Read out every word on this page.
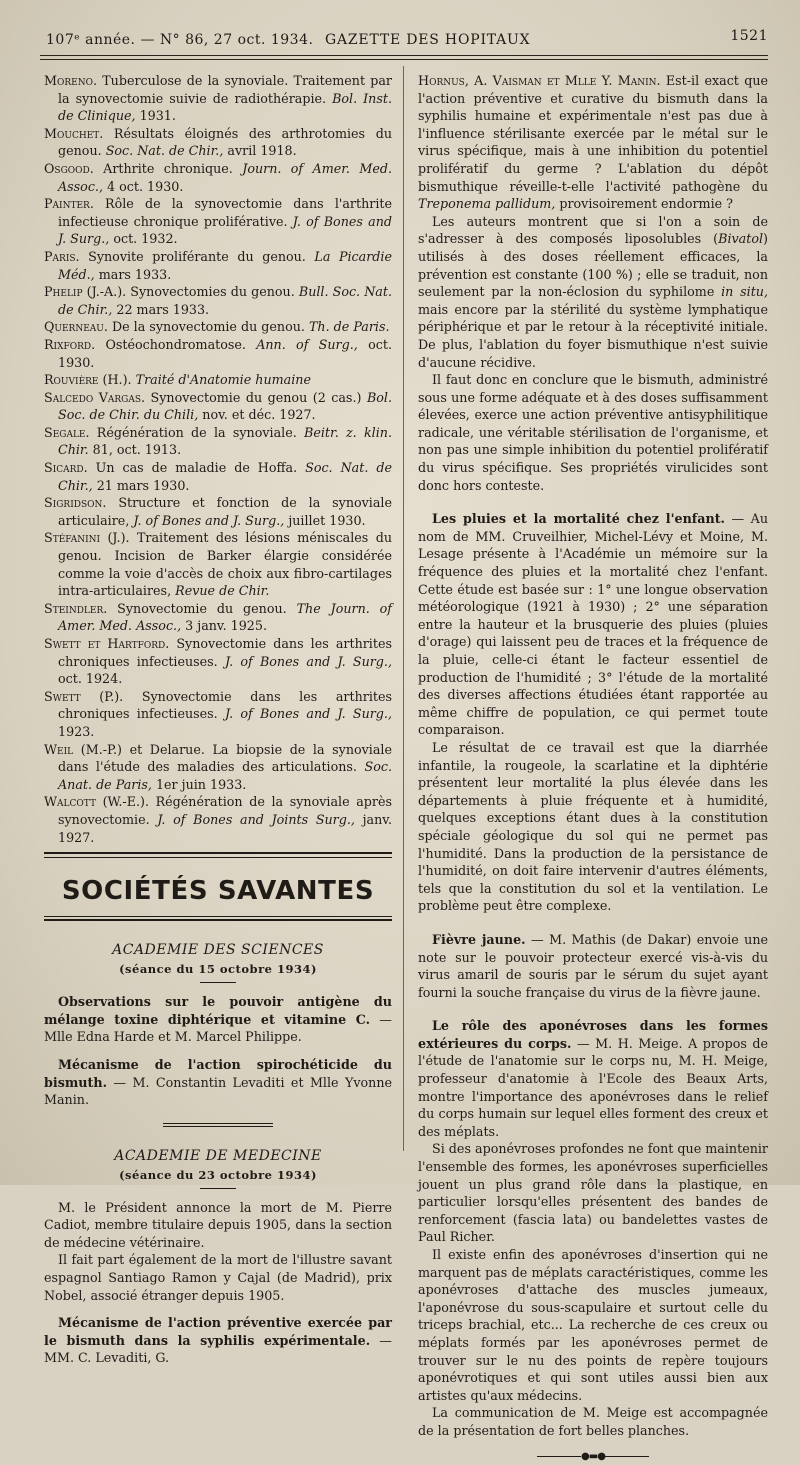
107ᵉ année. — N° 86, 27 oct. 1934. GAZETTE DES HOPITAUX	1521

Moreno. Tuberculose de la synoviale. Traitement par la synovectomie suivie de radiothérapie. Bol. Inst. de Clinique, 1931.

Mouchet. Résultats éloignés des arthrotomies du genou. Soc. Nat. de Chir., avril 1918.

Osgood. Arthrite chronique. Journ. of Amer. Med. Assoc., 4 oct. 1930.

Painter. Rôle de la synovectomie dans l'arthrite infectieuse chronique proliférative. J. of Bones and J. Surg., oct. 1932.

Paris. Synovite proliférante du genou. La Picardie Méd., mars 1933.

Phelip (J.-A.). Synovectomies du genou. Bull. Soc. Nat. de Chir., 22 mars 1933.

Querneau. De la synovectomie du genou. Th. de Paris.

Rixford. Ostéochondromatose. Ann. of Surg., oct. 1930.

Rouvière (H.). Traité d'Anatomie humaine

Salcedo Vargas. Synovectomie du genou (2 cas.) Bol. Soc. de Chir. du Chili, nov. et déc. 1927.

Segale. Régénération de la synoviale. Beitr. z. klin. Chir. 81, oct. 1913.

Sicard. Un cas de maladie de Hoffa. Soc. Nat. de Chir., 21 mars 1930.

Sigridson. Structure et fonction de la synoviale articulaire, J. of Bones and J. Surg., juillet 1930.

Stéfanini (J.). Traitement des lésions méniscales du genou. Incision de Barker élargie considérée comme la voie d'accès de choix aux fibro-cartilages intra-articulaires, Revue de Chir.

Steindler. Synovectomie du genou. The Journ. of Amer. Med. Assoc., 3 janv. 1925.

Swett et Hartford. Synovectomie dans les arthrites chroniques infectieuses. J. of Bones and J. Surg., oct. 1924.

Swett (P.). Synovectomie dans les arthrites chroniques infectieuses. J. of Bones and J. Surg., 1923.

Weil (M.-P.) et Delarue. La biopsie de la synoviale dans l'étude des maladies des articulations. Soc. Anat. de Paris, 1er juin 1933.

Walcott (W.-E.). Régénération de la synoviale après synovectomie. J. of Bones and Joints Surg., janv. 1927.

SOCIÉTÉS SAVANTES
ACADEMIE DES SCIENCES
(séance du 15 octobre 1934)

Observations sur le pouvoir antigène du mélange toxine diphtérique et vitamine C. — Mlle Edna Harde et M. Marcel Philippe.

Mécanisme de l'action spirochéticide du bismuth. — M. Constantin Levaditi et Mlle Yvonne Manin.

ACADEMIE DE MEDECINE
(séance du 23 octobre 1934)

M. le Président annonce la mort de M. Pierre Cadiot, membre titulaire depuis 1905, dans la section de médecine vétérinaire.

Il fait part également de la mort de l'illustre savant espagnol Santiago Ramon y Cajal (de Madrid), prix Nobel, associé étranger depuis 1905.

Mécanisme de l'action préventive exercée par le bismuth dans la syphilis expérimentale. — MM. C. Levaditi, G.

Hornus, A. Vaisman et Mlle Y. Manin. Est-il exact que l'action préventive et curative du bismuth dans la syphilis humaine et expérimentale n'est pas due à l'influence stérilisante exercée par le métal sur le virus spécifique, mais à une inhibition du potentiel prolifératif du germe ? L'ablation du dépôt bismuthique réveille-t-elle l'activité pathogène du Treponema pallidum, provisoirement endormie ?

Les auteurs montrent que si l'on a soin de s'adresser à des composés liposolubles (Bivatol) utilisés à des doses réellement efficaces, la prévention est constante (100 %) ; elle se traduit, non seulement par la non-éclosion du syphilome in situ, mais encore par la stérilité du système lymphatique périphérique et par le retour à la réceptivité initiale. De plus, l'ablation du foyer bismuthique n'est suivie d'aucune récidive.

Il faut donc en conclure que le bismuth, administré sous une forme adéquate et à des doses suffisamment élevées, exerce une action préventive antisyphilitique radicale, une véritable stérilisation de l'organisme, et non pas une simple inhibition du potentiel prolifératif du virus spécifique. Ses propriétés virulicides sont donc hors conteste.

Les pluies et la mortalité chez l'enfant. — Au nom de MM. Cruveilhier, Michel-Lévy et Moine, M. Lesage présente à l'Académie un mémoire sur la fréquence des pluies et la mortalité chez l'enfant. Cette étude est basée sur : 1° une longue observation météorologique (1921 à 1930) ; 2° une séparation entre la hauteur et la brusquerie des pluies (pluies d'orage) qui laissent peu de traces et la fréquence de la pluie, celle-ci étant le facteur essentiel de production de l'humidité ; 3° l'étude de la mortalité des diverses affections étudiées étant rapportée au même chiffre de population, ce qui permet toute comparaison.

Le résultat de ce travail est que la diarrhée infantile, la rougeole, la scarlatine et la diphtérie présentent leur mortalité la plus élevée dans les départements à pluie fréquente et à humidité, quelques exceptions étant dues à la constitution spéciale géologique du sol qui ne permet pas l'humidité. Dans la production de la persistance de l'humidité, on doit faire intervenir d'autres éléments, tels que la constitution du sol et la ventilation. Le problème peut être complexe.

Fièvre jaune. — M. Mathis (de Dakar) envoie une note sur le pouvoir protecteur exercé vis-à-vis du virus amaril de souris par le sérum du sujet ayant fourni la souche française du virus de la fièvre jaune.

Le rôle des aponévroses dans les formes extérieures du corps. — M. H. Meige. A propos de l'étude de l'anatomie sur le corps nu, M. H. Meige, professeur d'anatomie à l'Ecole des Beaux Arts, montre l'importance des aponévroses dans le relief du corps humain sur lequel elles forment des creux et des méplats.

Si des aponévroses profondes ne font que maintenir l'ensemble des formes, les aponévroses superficielles jouent un plus grand rôle dans la plastique, en particulier lorsqu'elles présentent des bandes de renforcement (fascia lata) ou bandelettes vastes de Paul Richer.

Il existe enfin des aponévroses d'insertion qui ne marquent pas de méplats caractéristiques, comme les aponévroses d'attache des muscles jumeaux, l'aponévrose du sous-scapulaire et surtout celle du triceps brachial, etc... La recherche de ces creux ou méplats formés par les aponévroses permet de trouver sur le nu des points de repère toujours aponévrotiques et qui sont utiles aussi bien aux artistes qu'aux médecins.

La communication de M. Meige est accompagnée de la présentation de fort belles planches.

●▬●
